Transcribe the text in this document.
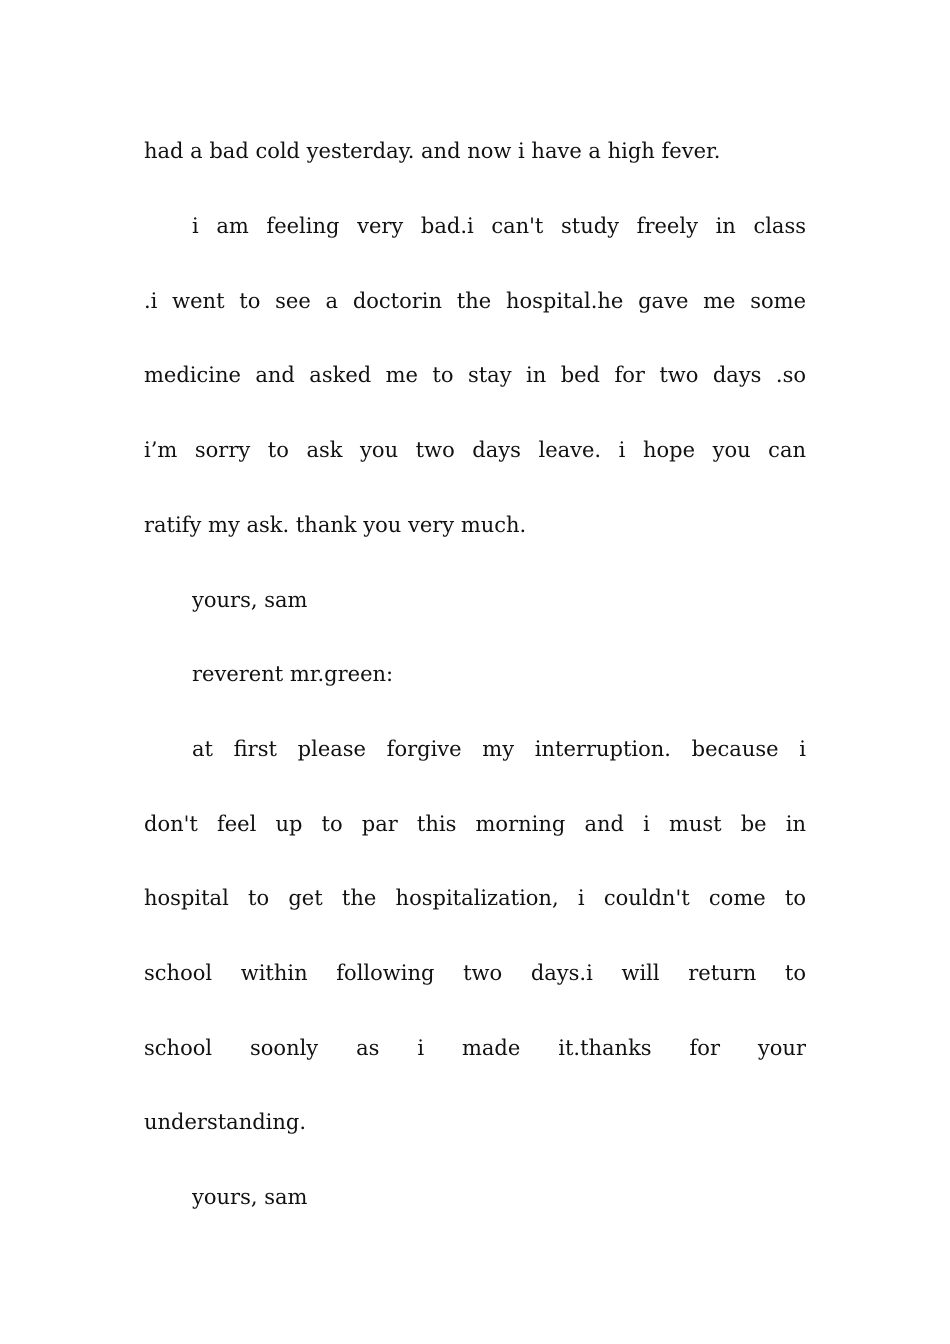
had a bad cold yesterday. and now i have a high fever.
i am feeling very bad.i can't study freely in class
.i went to see a doctorin the hospital.he gave me some
medicine and asked me to stay in bed for two days .so
i’m sorry to ask you two days leave. i hope you can
ratify my ask. thank you very much.
yours, sam
reverent mr.green:
at first please forgive my interruption. because i
don't feel up to par this morning and i must be in
hospital to get the hospitalization, i couldn't come to
school within following two days.i will return to
school soonly as i made it.thanks for your
understanding.
yours, sam
